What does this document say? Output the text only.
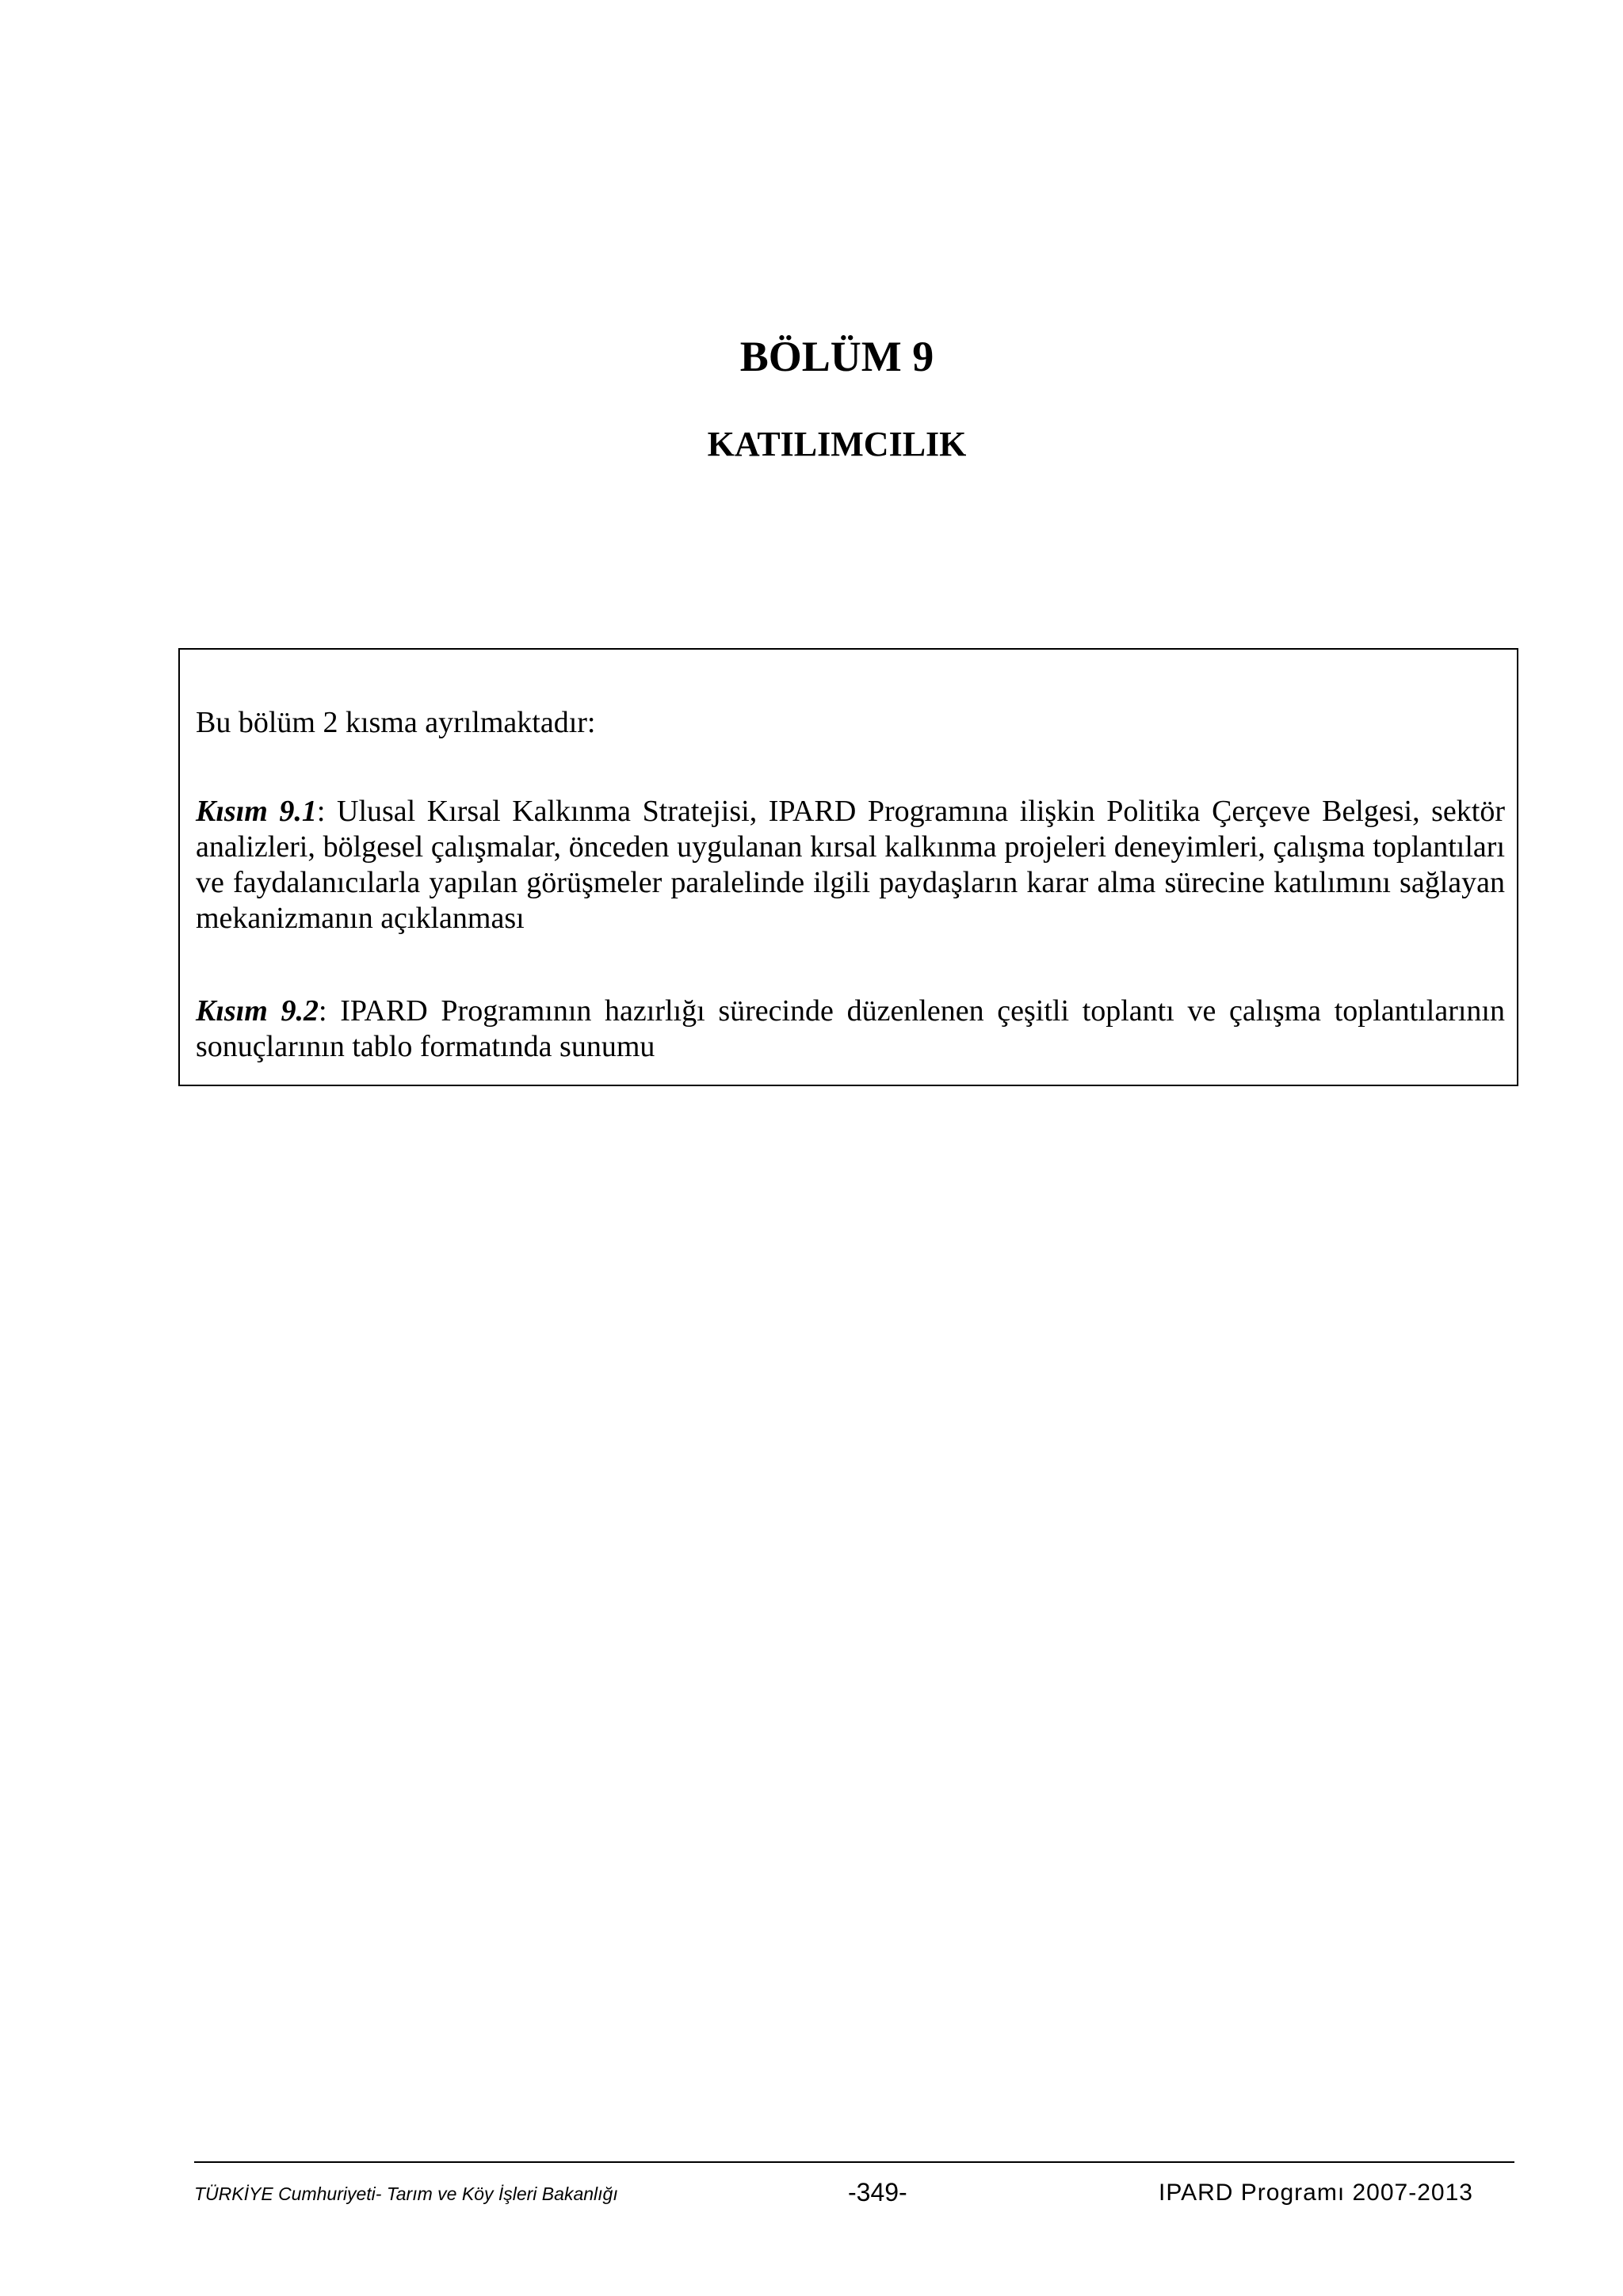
BÖLÜM 9
KATILIMCILIK

Bu bölüm 2 kısma ayrılmaktadır:

Kısım 9.1: Ulusal Kırsal Kalkınma Stratejisi, IPARD Programına ilişkin Politika Çerçeve Belgesi, sektör analizleri, bölgesel çalışmalar, önceden uygulanan kırsal kalkınma projeleri deneyimleri, çalışma toplantıları ve faydalanıcılarla yapılan görüşmeler paralelinde ilgili paydaşların karar alma sürecine katılımını sağlayan mekanizmanın açıklanması

Kısım 9.2: IPARD Programının hazırlığı sürecinde düzenlenen çeşitli toplantı ve çalışma toplantılarının sonuçlarının tablo formatında sunumu

TÜRKİYE Cumhuriyeti- Tarım ve Köy İşleri Bakanlığı	-349-	IPARD Programı 2007-2013
